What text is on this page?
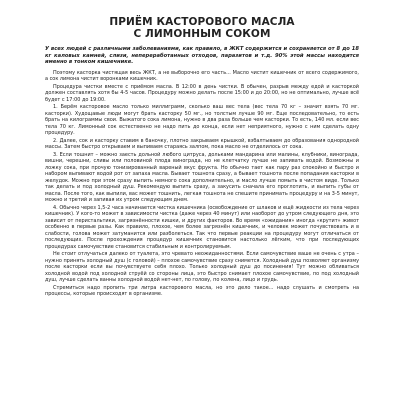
ПРИЁМ КАСТОРОВОГО МАСЛА
С ЛИМОННЫМ СОКОМ

У всех людей с различными заболеваниями, как правило, в ЖКТ содержится и сохраняется от 8 до 18 кг каловых камней, слизи, непереработанных отходов, паразитов и т.д. 90% этой массы находится именно в тонком кишечнике.

Поэтому касторка чистящая весь ЖКТ, а не выборочно его часть... Масло чистит кишечник от всего содержимого, а сок лимона чистит воронками кишечник.

Процедура чистки вместе с приёмом масла. В 12:00 в день чистки. В обычен, разрыв между едой и касторкой должен составлять хотя бы 4-5 часов. Процедуру можно делать после 15:00 и до 20:00, но не оптимально, лучше всё будет с 17:00 до 19:00.

1. Берём касторовое масло только миллиграмм, сколько ваш вес тела (вес тела 70 кг – значит взять 70 мг. касторки). Худощавые люди могут брать касторку 50 мг., но толстым лучше 90 мг. Еще последовательно, то есть брать на килограммы свои. Выжатого сока лимона, нужно в два раза больше чем касторки. То есть, 140 мл. если вес тела 70 кг. Лимонный сок естественно не надо пить до конца, если нет неприятного, нужно с ним сделать одну процедуру.

2. Далее, сок и касторку ставим в баночку, плотно закрываем крышкой, взбалтываем до образования однородной массы. Затем быстро открываем и выпиваем стараясь залпом, пока масло не отделилось от сока.

3. Если тошнит – можно заесть дольной любого цитруса, дольками мандарина или малины, клубники, винограда, вишни, черешни, сливы или половиной плода винограда, но не клетчатку лучше не запивать водой. Возможны и ложку сока, при прочую тонизированный вареный вкус фрукта. Но обычно тает как пару раз спокойно и быстро и набором выпивают водой рот от запаха масла. Бывает тошнота сразу, а бывает тошнота после попадания касторки в желудок. Можно при этом сразу выпить немного сока дополнительно, и масло лучше помыть в чистом виде. Только так делать и под холодный душ. Рекомендую выпить сразу, а закусить сначала его проглотить, и выпить губы от масла. После того, как выпили, вас может тошнить, легкая тошнота не спешите принимать процедуру и на 3-5 минут, можно и третий и запивая их утром следующим днем.

4. Обычно через 1,5-2 часа начинается чистка кишечника (освобождение от шлаков и ещё жидкости из тела через кишечник). У кого-то может в зависимости чистка (даже через 40 минут) или наоборот до утром следующего дня, это зависит от перистальтики, загрязнённости кишки, и других факторов. Во время «ожидания» иногда «крутит» живот особенно в первые разы. Как правило, плохое, чем более загрязнён кишечник, и человек может почувствовать и в слабости, голова может затуманится или разболеться. Так что первые реакции на процедуру могут отличаться от последующих. После прохождения процедур кишечник становится настолько лёгким, что при последующих процедурах самочувствие становится стабильным и контролируемым.

Не стоит отлучаться далеко от туалета, это чревато неожиданностями. Если самочувствие ваше не очень с утра – нужно принять холодный душ (с головой) – плохое самочувствие сразу снимется. Холодный душ позволяет организму после касторки если вы почувствуете себя плохо. Только холодный душ до посинения! Тут можно обливаться холодной водой под холодной струёй со стороны лица, это быстро снимает плохое самочувствие, по под холодный душ, лучше сделать ванны холодной водой нет-нет, по голову, по колена, лицо и грудь.

Стремиться надо пропить три литра касторового масла, но это дело такое... надо слушать и смотреть на процессы, которые происходят в организме.
